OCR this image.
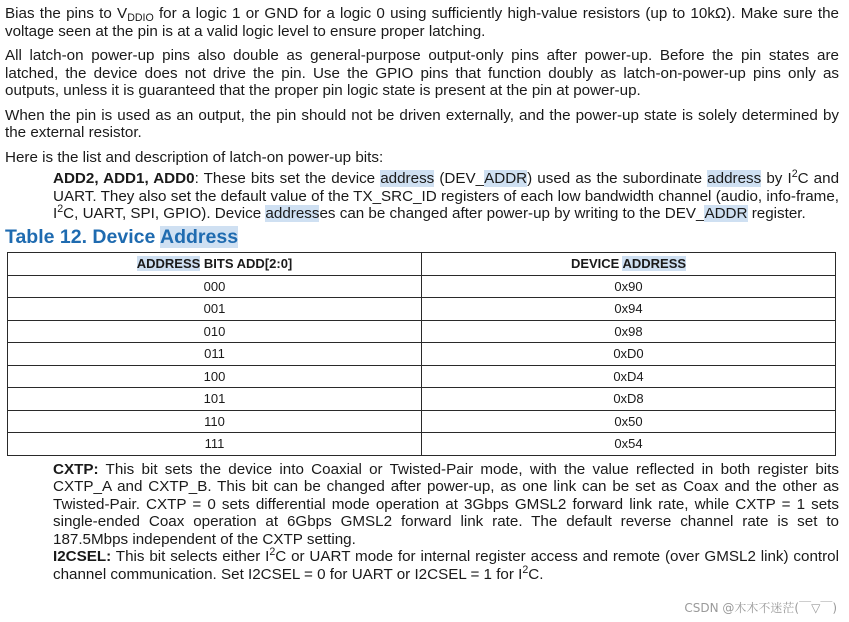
Bias the pins to $V_{DDIO}$ for a logic 1 or GND for a logic 0 using sufficiently high-value resistors (up to 10kΩ). Make sure the voltage seen at the pin is at a valid logic level to ensure proper latching.

All latch-on power-up pins also double as general-purpose output-only pins after power-up. Before the pin states are latched, the device does not drive the pin. Use the GPIO pins that function doubly as latch-on-power-up pins only as outputs, unless it is guaranteed that the proper pin logic state is present at the pin at power-up.

When the pin is used as an output, the pin should not be driven externally, and the power-up state is solely determined by the external resistor.

Here is the list and description of latch-on power-up bits:

ADD2, ADD1, ADD0: These bits set the device address (DEV_ADDR) used as the subordinate address by $I^2C$ and UART. They also set the default value of the TX_SRC_ID registers of each low bandwidth channel (audio, info-frame, $I^2C$, UART, SPI, GPIO). Device addresses can be changed after power-up by writing to the DEV_ADDR register.

Table 12. Device Address
ADDRESS BITS ADD[2:0]	DEVICE ADDRESS
000	0x90
001	0x94
010	0x98
011	0xD0
100	0xD4
101	0xD8
110	0x50
111	0x54

CXTP: This bit sets the device into Coaxial or Twisted-Pair mode, with the value reflected in both register bits CXTP_A and CXTP_B. This bit can be changed after power-up, as one link can be set as Coax and the other as Twisted-Pair. CXTP = 0 sets differential mode operation at 3Gbps GMSL2 forward link rate, while CXTP = 1 sets single-ended Coax operation at 6Gbps GMSL2 forward link rate. The default reverse channel rate is set to 187.5Mbps independent of the CXTP setting.

I2CSEL: This bit selects either $I^2C$ or UART mode for internal register access and remote (over GMSL2 link) control channel communication. Set I2CSEL = 0 for UART or I2CSEL = 1 for $I^2C$.

CSDN @木木不迷茫(￣▽￣)
